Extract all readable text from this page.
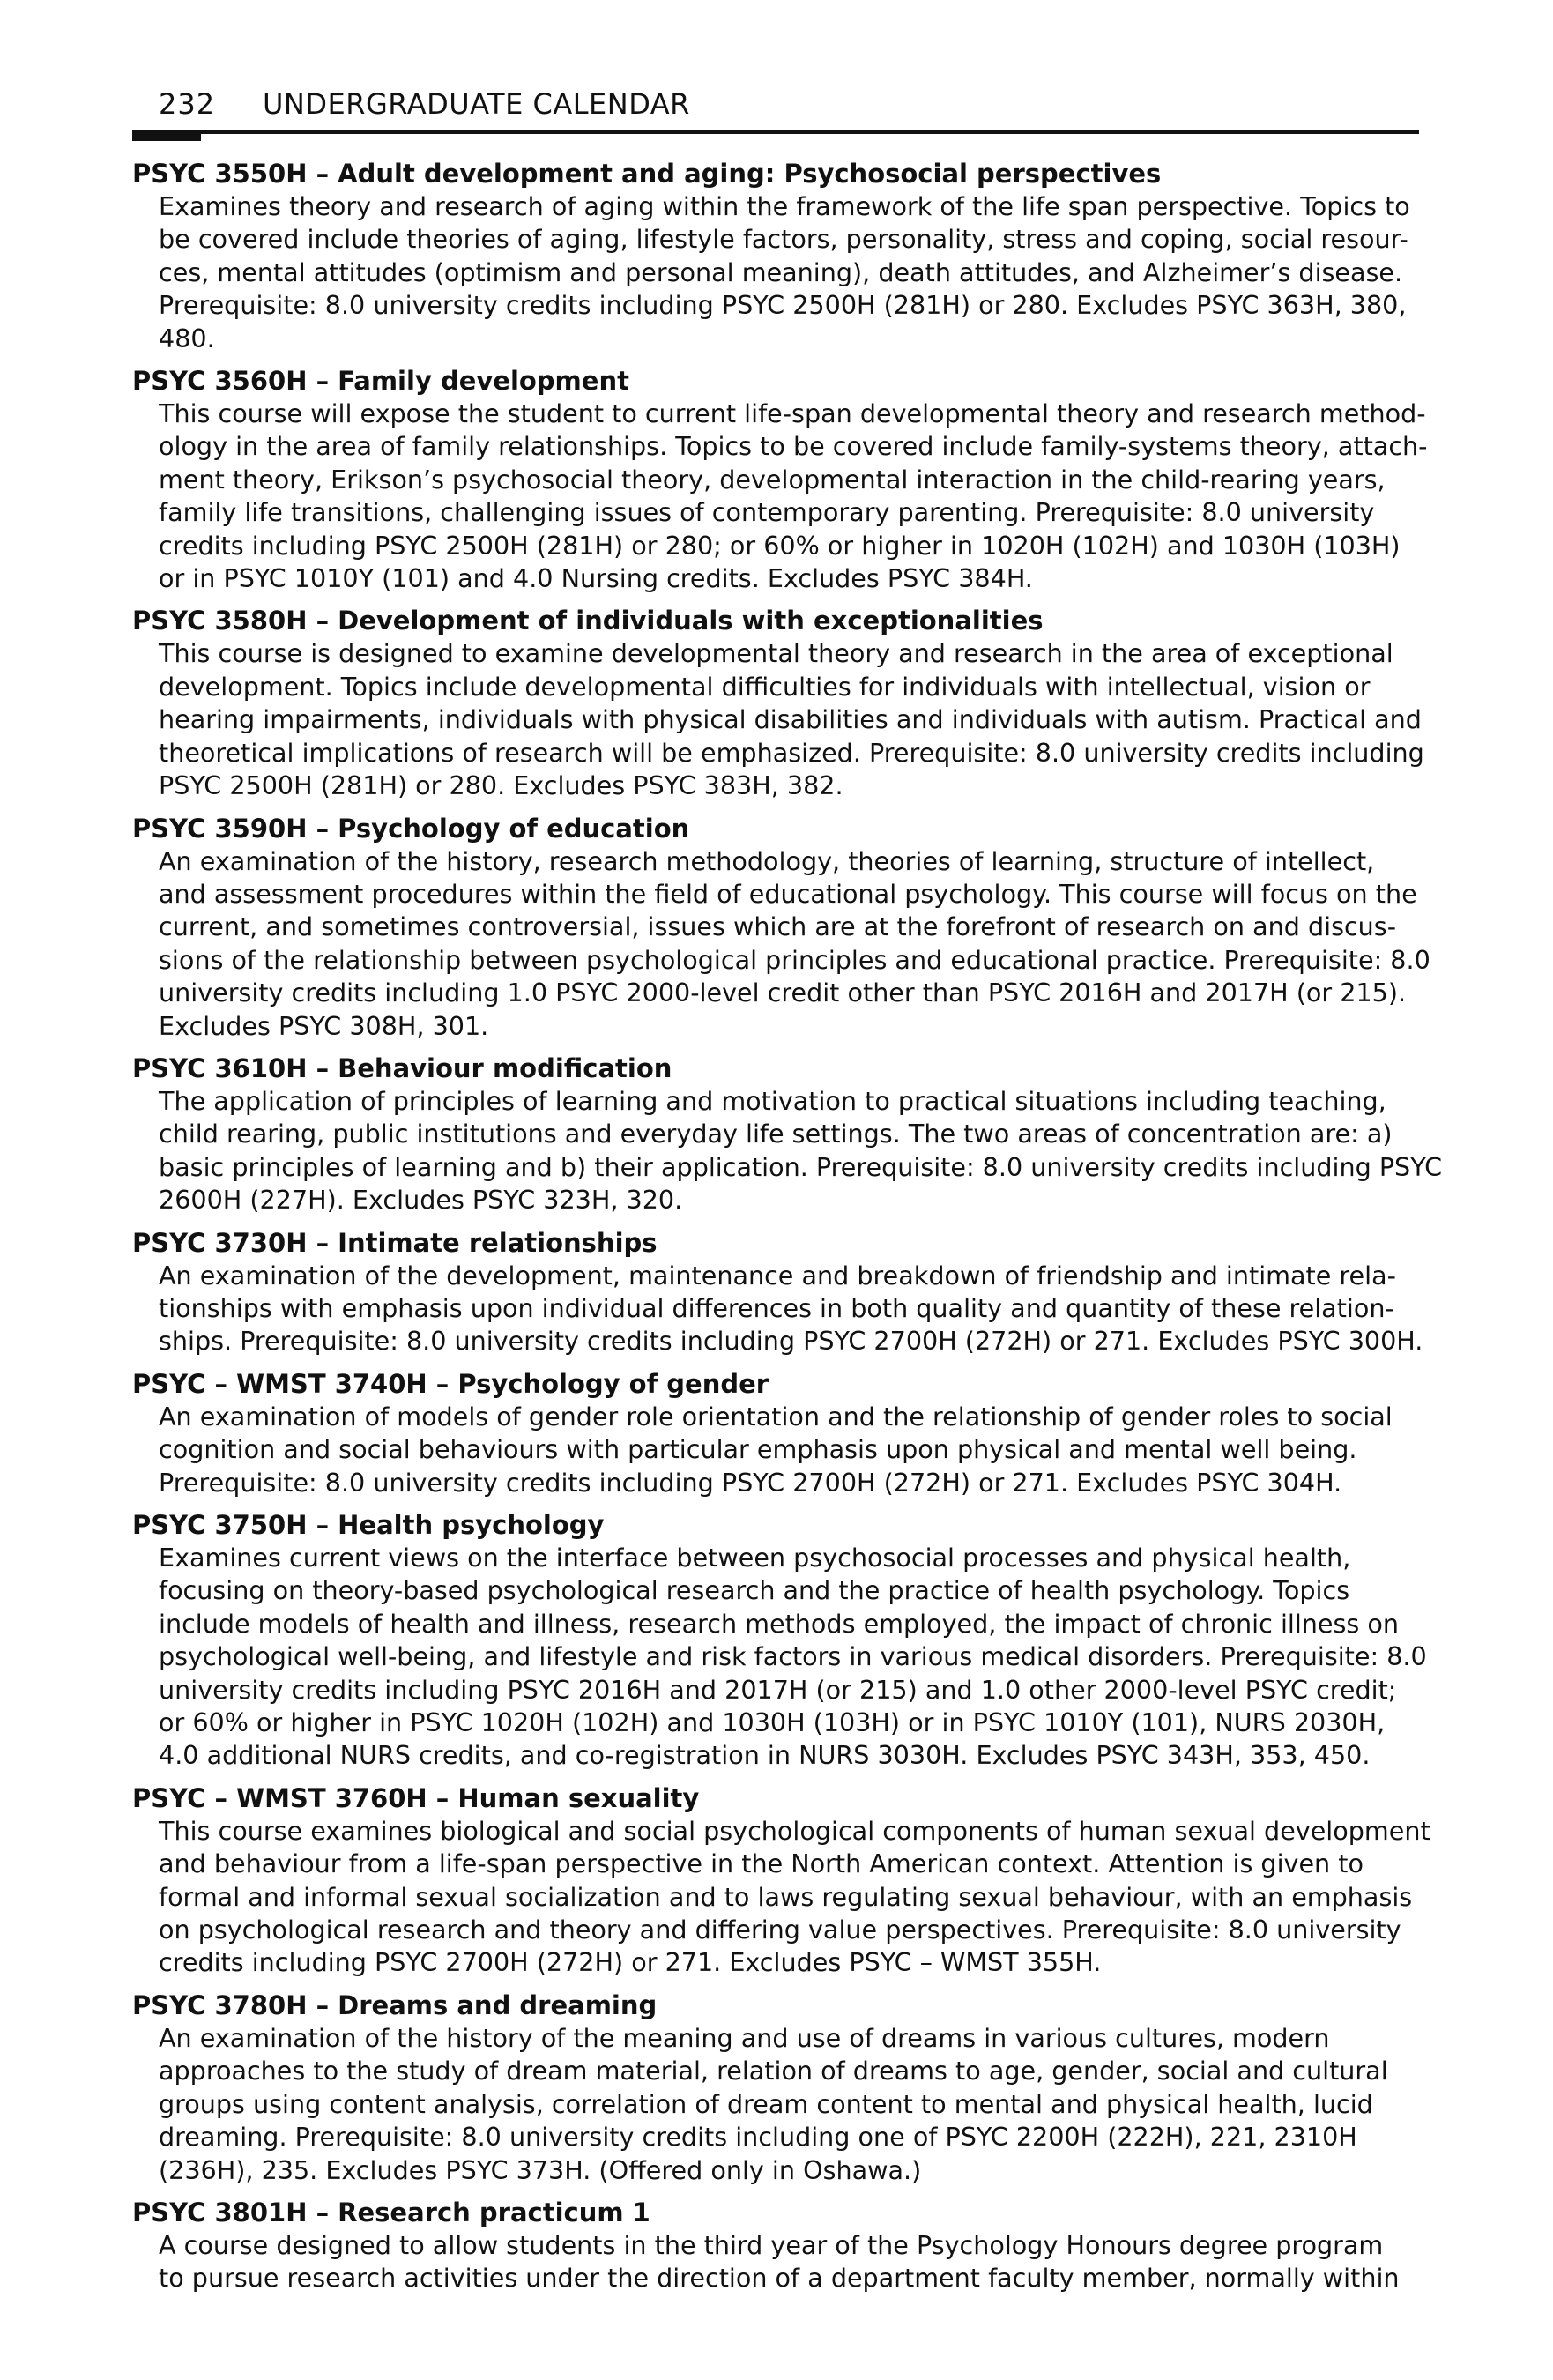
232 UNDERGRADUATE CALENDAR
PSYC 3550H – Adult development and aging: Psychosocial perspectives
Examines theory and research of aging within the framework of the life span perspective. Topics to
be covered include theories of aging, lifestyle factors, personality, stress and coping, social resour-
ces, mental attitudes (optimism and personal meaning), death attitudes, and Alzheimer’s disease.
Prerequisite: 8.0 university credits including PSYC 2500H (281H) or 280. Excludes PSYC 363H, 380,
480.
PSYC 3560H – Family development
This course will expose the student to current life-span developmental theory and research method-
ology in the area of family relationships. Topics to be covered include family-systems theory, attach-
ment theory, Erikson’s psychosocial theory, developmental interaction in the child-rearing years,
family life transitions, challenging issues of contemporary parenting. Prerequisite: 8.0 university
credits including PSYC 2500H (281H) or 280; or 60% or higher in 1020H (102H) and 1030H (103H)
or in PSYC 1010Y (101) and 4.0 Nursing credits. Excludes PSYC 384H.
PSYC 3580H – Development of individuals with exceptionalities
This course is designed to examine developmental theory and research in the area of exceptional
development. Topics include developmental difficulties for individuals with intellectual, vision or
hearing impairments, individuals with physical disabilities and individuals with autism. Practical and
theoretical implications of research will be emphasized. Prerequisite: 8.0 university credits including
PSYC 2500H (281H) or 280. Excludes PSYC 383H, 382.
PSYC 3590H – Psychology of education
An examination of the history, research methodology, theories of learning, structure of intellect,
and assessment procedures within the field of educational psychology. This course will focus on the
current, and sometimes controversial, issues which are at the forefront of research on and discus-
sions of the relationship between psychological principles and educational practice. Prerequisite: 8.0
university credits including 1.0 PSYC 2000-level credit other than PSYC 2016H and 2017H (or 215).
Excludes PSYC 308H, 301.
PSYC 3610H – Behaviour modification
The application of principles of learning and motivation to practical situations including teaching,
child rearing, public institutions and everyday life settings. The two areas of concentration are: a)
basic principles of learning and b) their application. Prerequisite: 8.0 university credits including PSYC
2600H (227H). Excludes PSYC 323H, 320.
PSYC 3730H – Intimate relationships
An examination of the development, maintenance and breakdown of friendship and intimate rela-
tionships with emphasis upon individual differences in both quality and quantity of these relation-
ships. Prerequisite: 8.0 university credits including PSYC 2700H (272H) or 271. Excludes PSYC 300H.
PSYC – WMST 3740H – Psychology of gender
An examination of models of gender role orientation and the relationship of gender roles to social
cognition and social behaviours with particular emphasis upon physical and mental well being.
Prerequisite: 8.0 university credits including PSYC 2700H (272H) or 271. Excludes PSYC 304H.
PSYC 3750H – Health psychology
Examines current views on the interface between psychosocial processes and physical health,
focusing on theory-based psychological research and the practice of health psychology. Topics
include models of health and illness, research methods employed, the impact of chronic illness on
psychological well-being, and lifestyle and risk factors in various medical disorders. Prerequisite: 8.0
university credits including PSYC 2016H and 2017H (or 215) and 1.0 other 2000-level PSYC credit;
or 60% or higher in PSYC 1020H (102H) and 1030H (103H) or in PSYC 1010Y (101), NURS 2030H,
4.0 additional NURS credits, and co-registration in NURS 3030H. Excludes PSYC 343H, 353, 450.
PSYC – WMST 3760H – Human sexuality
This course examines biological and social psychological components of human sexual development
and behaviour from a life-span perspective in the North American context. Attention is given to
formal and informal sexual socialization and to laws regulating sexual behaviour, with an emphasis
on psychological research and theory and differing value perspectives. Prerequisite: 8.0 university
credits including PSYC 2700H (272H) or 271. Excludes PSYC – WMST 355H.
PSYC 3780H – Dreams and dreaming
An examination of the history of the meaning and use of dreams in various cultures, modern
approaches to the study of dream material, relation of dreams to age, gender, social and cultural
groups using content analysis, correlation of dream content to mental and physical health, lucid
dreaming. Prerequisite: 8.0 university credits including one of PSYC 2200H (222H), 221, 2310H
(236H), 235. Excludes PSYC 373H. (Offered only in Oshawa.)
PSYC 3801H – Research practicum 1
A course designed to allow students in the third year of the Psychology Honours degree program
to pursue research activities under the direction of a department faculty member, normally within
